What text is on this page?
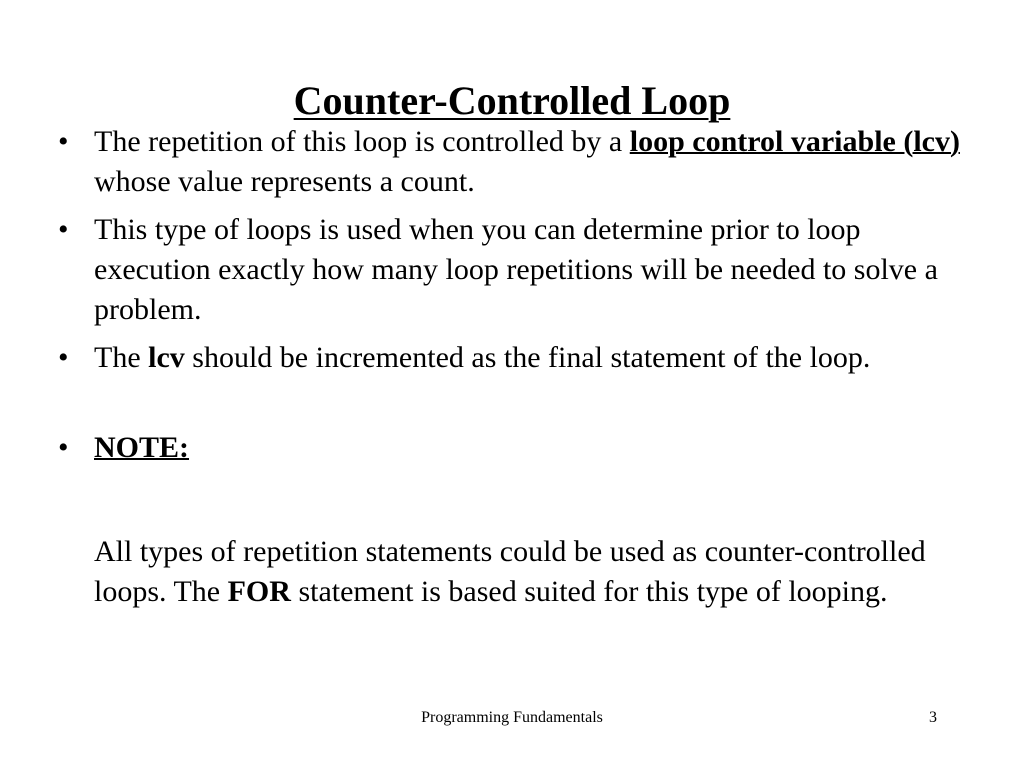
Counter-Controlled Loop
• The repetition of this loop is controlled by a loop control variable (lcv) whose value represents a count.
• This type of loops is used when you can determine prior to loop execution exactly how many loop repetitions will be needed to solve a problem.
• The lcv should be incremented as the final statement of the loop.
• NOTE:
All types of repetition statements could be used as counter-controlled loops. The FOR statement is based suited for this type of looping.
Programming Fundamentals	3
